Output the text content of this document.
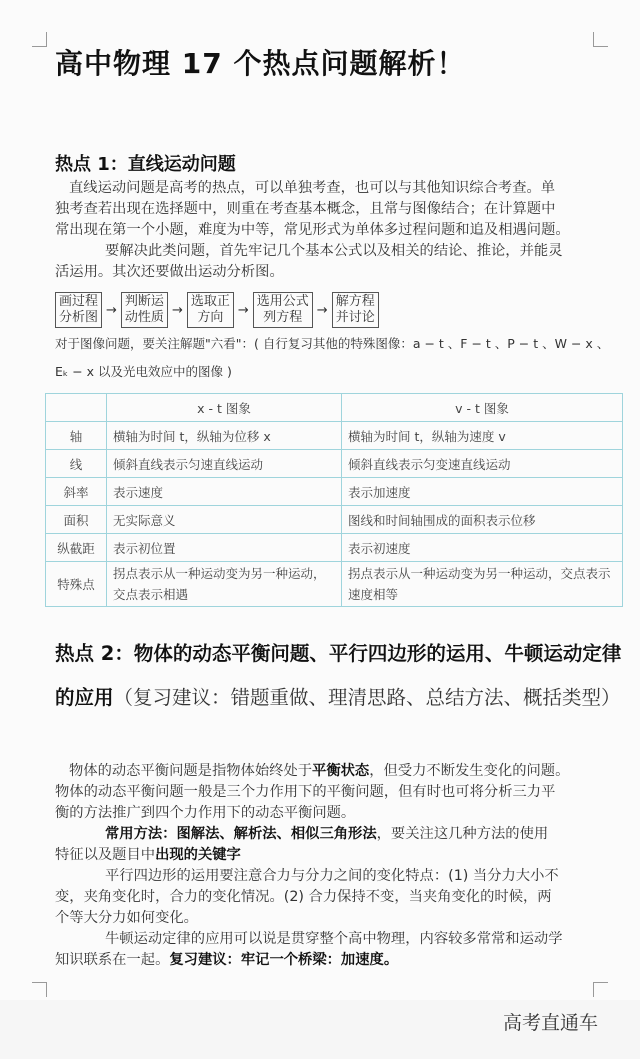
高中物理 17 个热点问题解析！
热点 1：直线运动问题
直线运动问题是高考的热点，可以单独考查，也可以与其他知识综合考查。单
独考查若出现在选择题中，则重在考查基本概念，且常与图像结合；在计算题中
常出现在第一个小题，难度为中等，常见形式为单体多过程问题和追及相遇问题。
要解决此类问题，首先牢记几个基本公式以及相关的结论、推论，并能灵
活运用。其次还要做出运动分析图。
画过程
分析图 →
判断运
动性质 →
选取正
方向	→
选用公式
列方程	→
解方程
并讨论
对于图像问题，要关注解题"六看"：( 自行复习其他的特殊图像：a − t 、F − t 、P − t 、W − x 、
Eₖ − x 以及光电效应中的图像 )
	x - t 图象	v - t 图象
轴	横轴为时间 t，纵轴为位移 x	横轴为时间 t，纵轴为速度 v
线	倾斜直线表示匀速直线运动	倾斜直线表示匀变速直线运动
斜率	表示速度	表示加速度
面积	无实际意义	图线和时间轴围成的面积表示位移
纵截距	表示初位置	表示初速度
特殊点	拐点表示从一种运动变为另一种运动，交点表示相遇	拐点表示从一种运动变为另一种运动，交点表示速度相等
热点 2：物体的动态平衡问题、平行四边形的运用、牛顿运动定律的应用（复习建议：错题重做、理清思路、总结方法、概括类型）
物体的动态平衡问题是指物体始终处于平衡状态，但受力不断发生变化的问题。
物体的动态平衡问题一般是三个力作用下的平衡问题，但有时也可将分析三力平
衡的方法推广到四个力作用下的动态平衡问题。
常用方法：图解法、解析法、相似三角形法，要关注这几种方法的使用
特征以及题目中出现的关键字
平行四边形的运用要注意合力与分力之间的变化特点：(1) 当分力大小不
变，夹角变化时，合力的变化情况。(2) 合力保持不变，当夹角变化的时候，两
个等大分力如何变化。
牛顿运动定律的应用可以说是贯穿整个高中物理，内容较多常常和运动学
知识联系在一起。复习建议：牢记一个桥梁：加速度。
高考直通车
